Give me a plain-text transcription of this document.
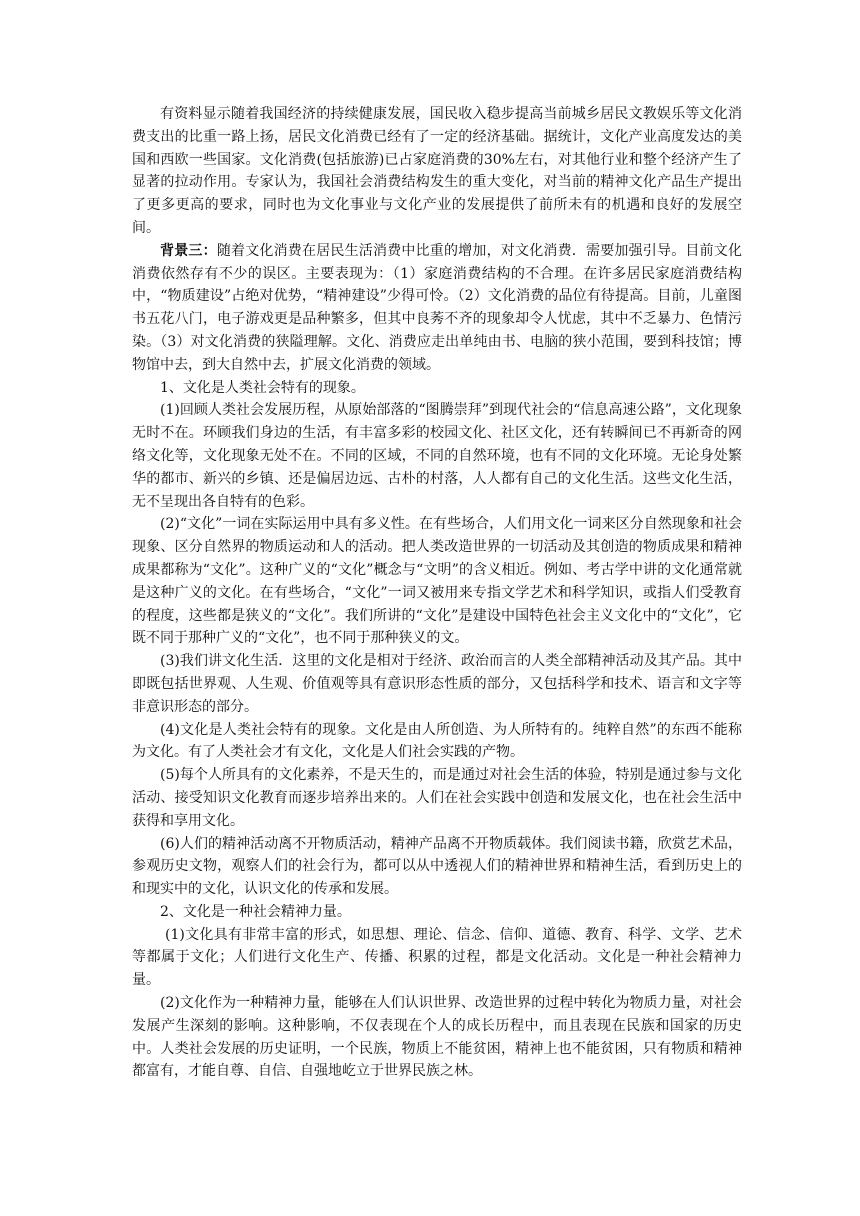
有资料显示随着我国经济的持续健康发展，国民收入稳步提高当前城乡居民文教娱乐等文化消费支出的比重一路上扬，居民文化消费已经有了一定的经济基础。据统计，文化产业高度发达的美国和西欧一些国家。文化消费(包括旅游)已占家庭消费的30%左右，对其他行业和整个经济产生了显著的拉动作用。专家认为，我国社会消费结构发生的重大变化，对当前的精神文化产品生产提出了更多更高的要求，同时也为文化事业与文化产业的发展提供了前所未有的机遇和良好的发展空间。

背景三：随着文化消费在居民生活消费中比重的增加，对文化消费．需要加强引导。目前文化消费依然存有不少的误区。主要表现为：（1）家庭消费结构的不合理。在许多居民家庭消费结构中，“物质建设”占绝对优势，“精神建设”少得可怜。（2）文化消费的品位有待提高。目前，儿童图书五花八门，电子游戏更是品种繁多，但其中良莠不齐的现象却令人忧虑，其中不乏暴力、色情污染。（3）对文化消费的狭隘理解。文化、消费应走出单纯由书、电脑的狭小范围，要到科技馆；博物馆中去，到大自然中去，扩展文化消费的领域。

1、文化是人类社会特有的现象。

(1)回顾人类社会发展历程，从原始部落的“图腾崇拜”到现代社会的“信息高速公路”，文化现象无时不在。环顾我们身边的生活，有丰富多彩的校园文化、社区文化，还有转瞬间已不再新奇的网络文化等，文化现象无处不在。不同的区域，不同的自然环境，也有不同的文化环境。无论身处繁华的都市、新兴的乡镇、还是偏居边远、古朴的村落，人人都有自己的文化生活。这些文化生活，无不呈现出各自特有的色彩。

(2)“文化”一词在实际运用中具有多义性。在有些场合，人们用文化一词来区分自然现象和社会现象、区分自然界的物质运动和人的活动。把人类改造世界的一切活动及其创造的物质成果和精神成果都称为“文化”。这种广义的“文化”概念与“文明”的含义相近。例如、考古学中讲的文化通常就是这种广义的文化。在有些场合，“文化”一词又被用来专指文学艺术和科学知识，或指人们受教育的程度，这些都是狭义的“文化”。我们所讲的“文化”是建设中国特色社会主义文化中的“文化”，它既不同于那种广义的“文化”，也不同于那种狭义的文。

(3)我们讲文化生活．这里的文化是相对于经济、政治而言的人类全部精神活动及其产品。其中即既包括世界观、人生观、价值观等具有意识形态性质的部分，又包括科学和技术、语言和文字等非意识形态的部分。

(4)文化是人类社会特有的现象。文化是由人所创造、为人所特有的。纯粹自然”的东西不能称为文化。有了人类社会才有文化，文化是人们社会实践的产物。

(5)每个人所具有的文化素养，不是天生的，而是通过对社会生活的体验，特别是通过参与文化活动、接受知识文化教育而逐步培养出来的。人们在社会实践中创造和发展文化，也在社会生活中获得和享用文化。

(6)人们的精神活动离不开物质活动，精神产品离不开物质载体。我们阅读书籍，欣赏艺术品，参观历史文物，观察人们的社会行为，都可以从中透视人们的精神世界和精神生活，看到历史上的和现实中的文化，认识文化的传承和发展。

2、文化是一种社会精神力量。

(1)文化具有非常丰富的形式，如思想、理论、信念、信仰、道德、教育、科学、文学、艺术等都属于文化；人们进行文化生产、传播、积累的过程，都是文化活动。文化是一种社会精神力量。

(2)文化作为一种精神力量，能够在人们认识世界、改造世界的过程中转化为物质力量，对社会发展产生深刻的影响。这种影响，不仅表现在个人的成长历程中，而且表现在民族和国家的历史中。人类社会发展的历史证明，一个民族，物质上不能贫困，精神上也不能贫困，只有物质和精神都富有，才能自尊、自信、自强地屹立于世界民族之林。
